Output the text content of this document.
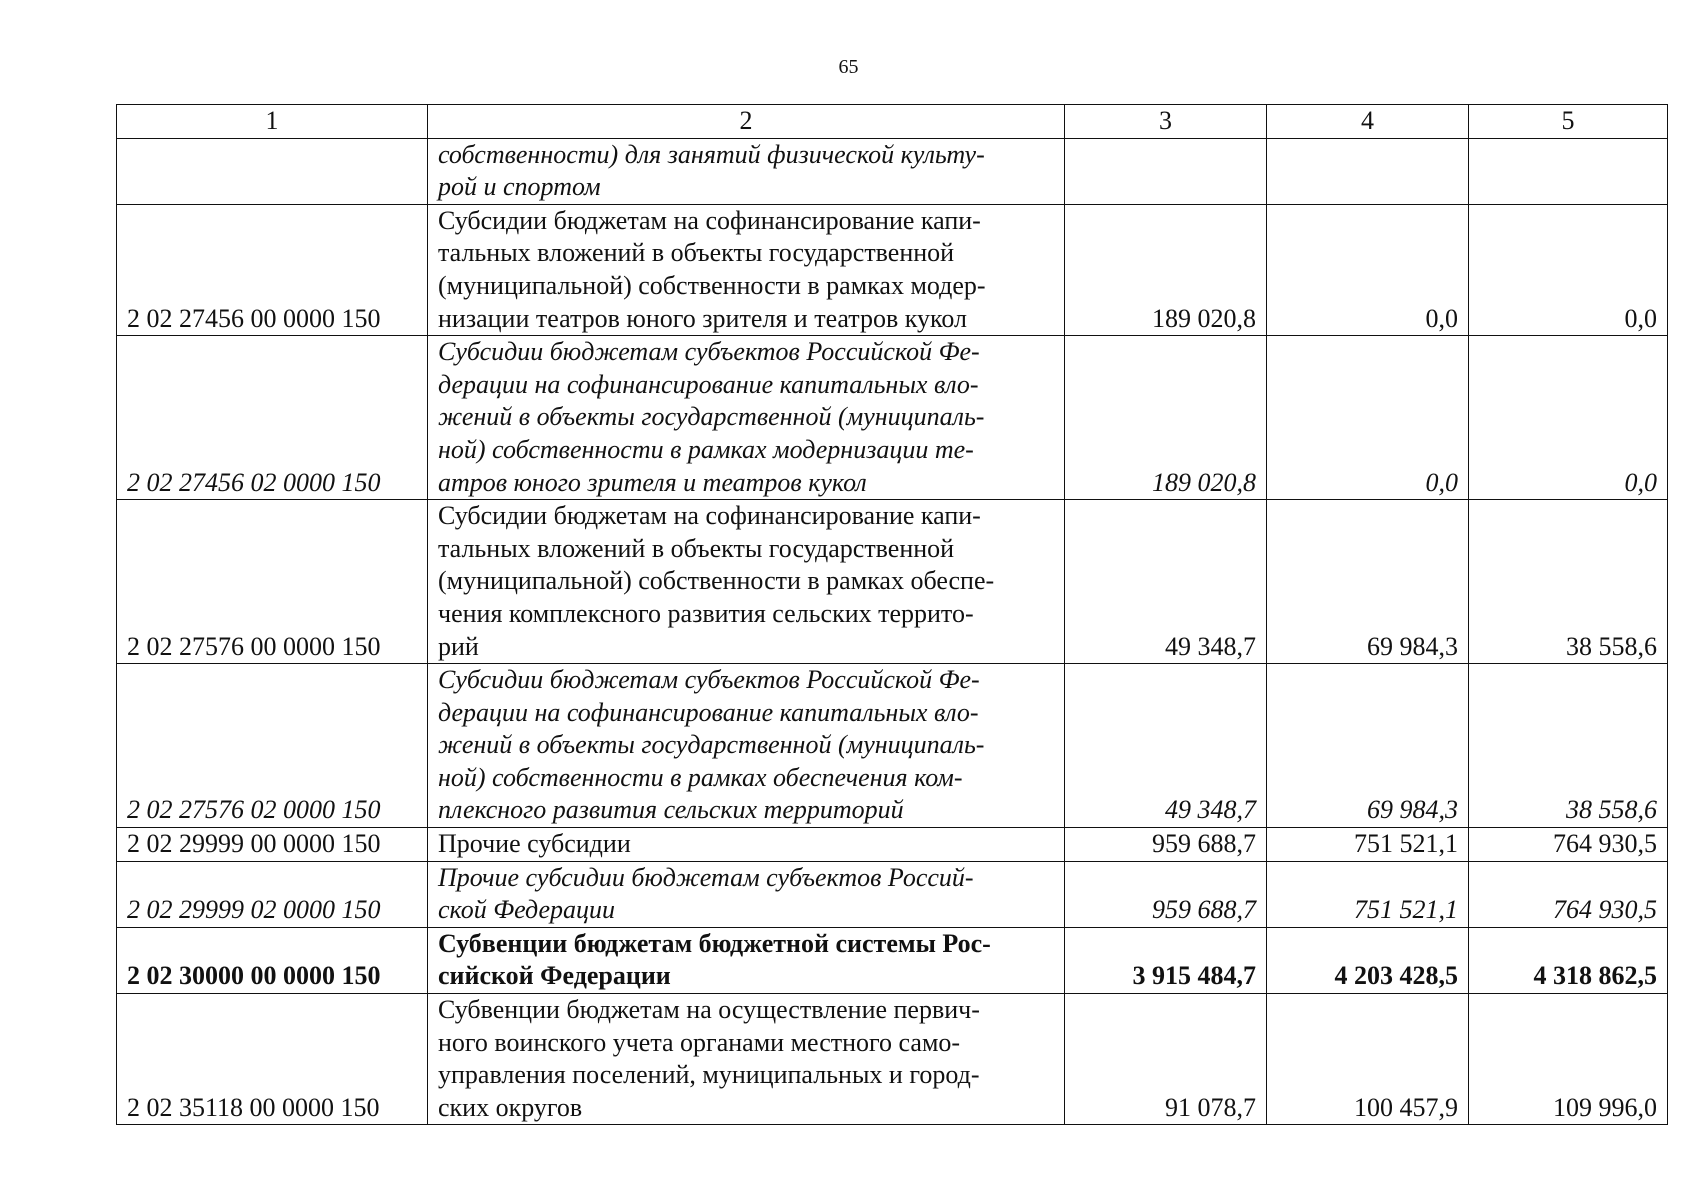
65
1	2	3	4	5

	собственности) для занятий физической культу-
рой и спортом			

2 02 27456 00 0000 150	Субсидии бюджетам на софинансирование капи-
тальных вложений в объекты государственной
(муниципальной) собственности в рамках модер-
низации театров юного зрителя и театров кукол	189 020,8	0,0	0,0
2 02 27456 02 0000 150	Субсидии бюджетам субъектов Российской Фе-
дерации на софинансирование капитальных вло-
жений в объекты государственной (муниципаль-
ной) собственности в рамках модернизации те-
атров юного зрителя и театров кукол	189 020,8	0,0	0,0
2 02 27576 00 0000 150	Субсидии бюджетам на софинансирование капи-
тальных вложений в объекты государственной
(муниципальной) собственности в рамках обеспе-
чения комплексного развития сельских террито-
рий	49 348,7	69 984,3	38 558,6
2 02 27576 02 0000 150	Субсидии бюджетам субъектов Российской Фе-
дерации на софинансирование капитальных вло-
жений в объекты государственной (муниципаль-
ной) собственности в рамках обеспечения ком-
плексного развития сельских территорий	49 348,7	69 984,3	38 558,6
2 02 29999 00 0000 150	Прочие субсидии	959 688,7	751 521,1	764 930,5
2 02 29999 02 0000 150	Прочие субсидии бюджетам субъектов Россий-
ской Федерации	959 688,7	751 521,1	764 930,5
2 02 30000 00 0000 150	Субвенции бюджетам бюджетной системы Рос-
сийской Федерации	3 915 484,7	4 203 428,5	4 318 862,5
2 02 35118 00 0000 150	Субвенции бюджетам на осуществление первич-
ного воинского учета органами местного само-
управления поселений, муниципальных и город-
ских округов	91 078,7	100 457,9	109 996,0
